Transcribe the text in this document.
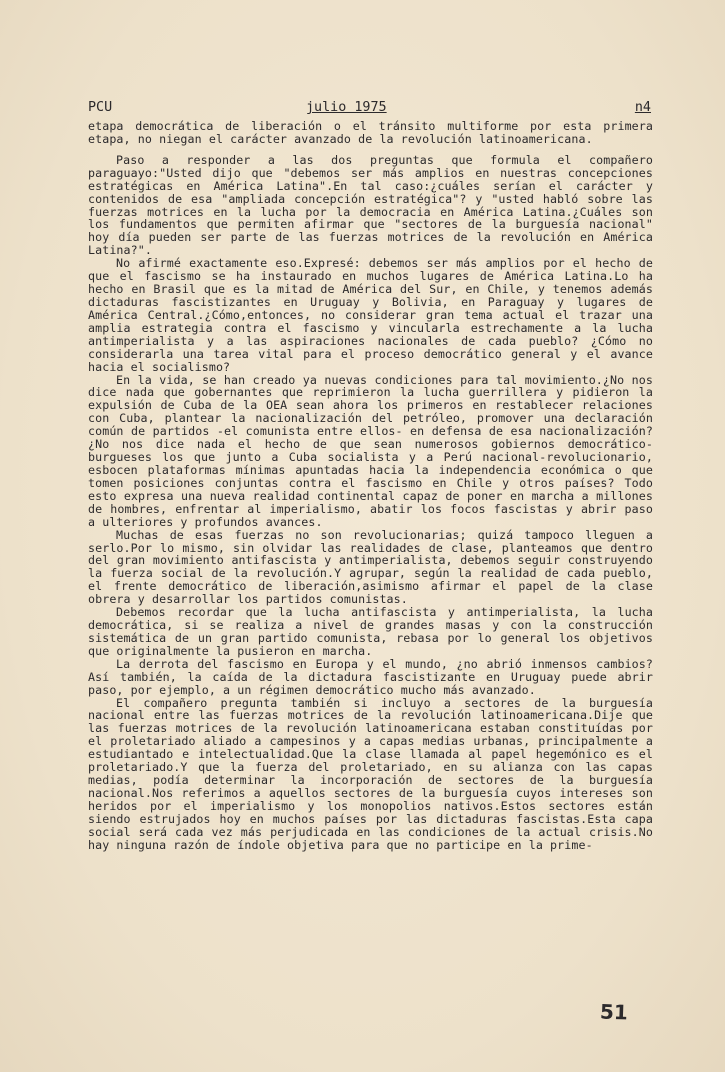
PCU	julio 1975	n4

etapa democrática de liberación o el tránsito multiforme por esta primera etapa, no niegan el carácter avanzado de la revolución latinoamericana.

Paso a responder a las dos preguntas que formula el compañero paraguayo:"Usted dijo que "debemos ser más amplios en nuestras concepciones estratégicas en América Latina".En tal caso:¿cuáles serían el carácter y contenidos de esa "ampliada concepción estratégica"? y "usted habló sobre las fuerzas motrices en la lucha por la democracia en América Latina.¿Cuáles son los fundamentos que permiten afirmar que "sectores de la burguesía nacional" hoy día pueden ser parte de las fuerzas motrices de la revolución en América Latina?".

No afirmé exactamente eso.Expresé: debemos ser más amplios por el hecho de que el fascismo se ha instaurado en muchos lugares de América Latina.Lo ha hecho en Brasil que es la mitad de América del Sur, en Chile, y tenemos además dictaduras fascistizantes en Uruguay y Bolivia, en Paraguay y lugares de América Central.¿Cómo,entonces, no considerar gran tema actual el trazar una amplia estrategia contra el fascismo y vincularla estrechamente a la lucha antimperialista y a las aspiraciones nacionales de cada pueblo? ¿Cómo no considerarla una tarea vital para el proceso democrático general y el avance hacia el socialismo?

En la vida, se han creado ya nuevas condiciones para tal movimiento.¿No nos dice nada que gobernantes que reprimieron la lucha guerrillera y pidieron la expulsión de Cuba de la OEA sean ahora los primeros en restablecer relaciones con Cuba, plantear la nacionalización del petróleo, promover una declaración común de partidos -el comunista entre ellos- en defensa de esa nacionalización?¿No nos dice nada el hecho de que sean numerosos gobiernos democrático-burgueses los que junto a Cuba socialista y a Perú nacional-revolucionario, esbocen plataformas mínimas apuntadas hacia la independencia económica o que tomen posiciones conjuntas contra el fascismo en Chile y otros países? Todo esto expresa una nueva realidad continental capaz de poner en marcha a millones de hombres, enfrentar al imperialismo, abatir los focos fascistas y abrir paso a ulteriores y profundos avances.

Muchas de esas fuerzas no son revolucionarias; quizá tampoco lleguen a serlo.Por lo mismo, sin olvidar las realidades de clase, planteamos que dentro del gran movimiento antifascista y antimperialista, debemos seguir construyendo la fuerza social de la revolución.Y agrupar, según la realidad de cada pueblo, el frente democrático de liberación,asimismo afirmar el papel de la clase obrera y desarrollar los partidos comunistas.

Debemos recordar que la lucha antifascista y antimperialista, la lucha democrática, si se realiza a nivel de grandes masas y con la construcción sistemática de un gran partido comunista, rebasa por lo general los objetivos que originalmente la pusieron en marcha.

La derrota del fascismo en Europa y el mundo, ¿no abrió inmensos cambios? Así también, la caída de la dictadura fascistizante en Uruguay puede abrir paso, por ejemplo, a un régimen democrático mucho más avanzado.

El compañero pregunta también si incluyo a sectores de la burguesía nacional entre las fuerzas motrices de la revolución latinoamericana.Dije que las fuerzas motrices de la revolución latinoamericana estaban constituídas por el proletariado aliado a campesinos y a capas medias urbanas, principalmente a estudiantado e intelectualidad.Que la clase llamada al papel hegemónico es el proletariado.Y que la fuerza del proletariado, en su alianza con las capas medias, podía determinar la incorporación de sectores de la burguesía nacional.Nos referimos a aquellos sectores de la burguesía cuyos intereses son heridos por el imperialismo y los monopolios nativos.Estos sectores están siendo estrujados hoy en muchos países por las dictaduras fascistas.Esta capa social será cada vez más perjudicada en las condiciones de la actual crisis.No hay ninguna razón de índole objetiva para que no participe en la prime-

51
